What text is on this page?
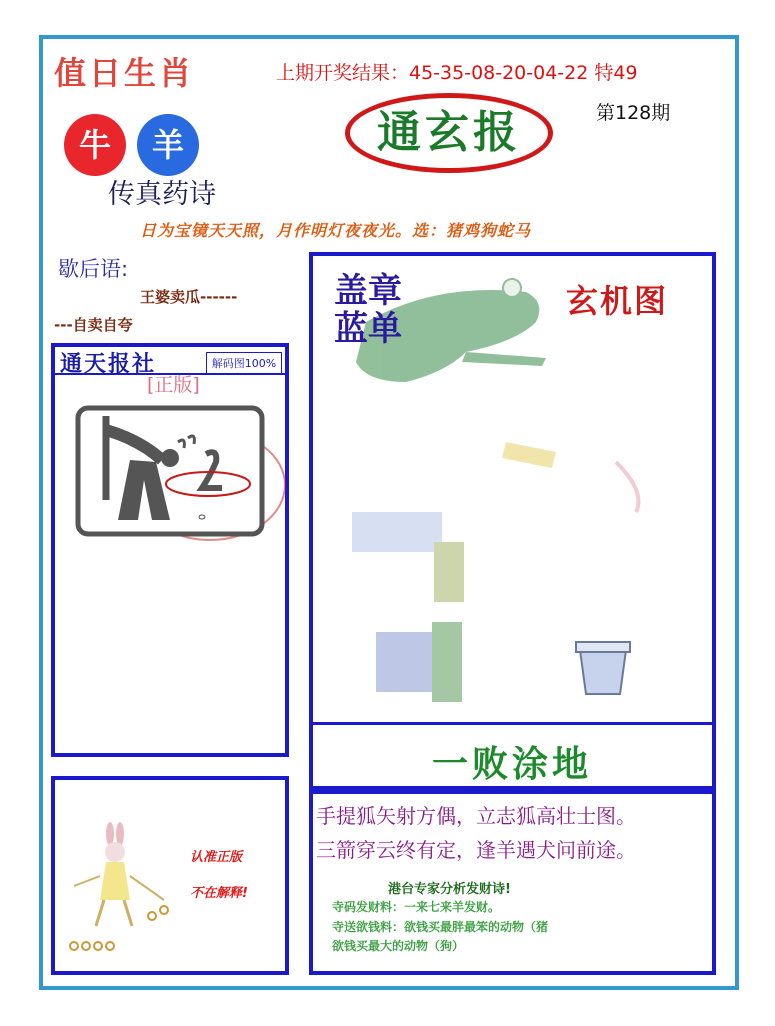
值日生肖	上期开奖结果：45-35-08-20-04-22 特49
通玄报	第128期
牛	羊
传真药诗
日为宝镜天天照，月作明灯夜夜光。选：猪鸡狗蛇马
歇后语:
王婆卖瓜------
---自卖自夸
通天报社	解码图100%
[正版]
盖章
蓝单
玄机图
一败涂地
手提狐矢射方偶，立志狐高壮士图。
三箭穿云终有定，逢羊遇犬问前途。
港台专家分析发财诗!
寺码发财料：一来七来羊发财。
寺送欲钱料：欲钱买最胖最笨的动物（猪
欲钱买最大的动物（狗）
认准正版
不在解释!
